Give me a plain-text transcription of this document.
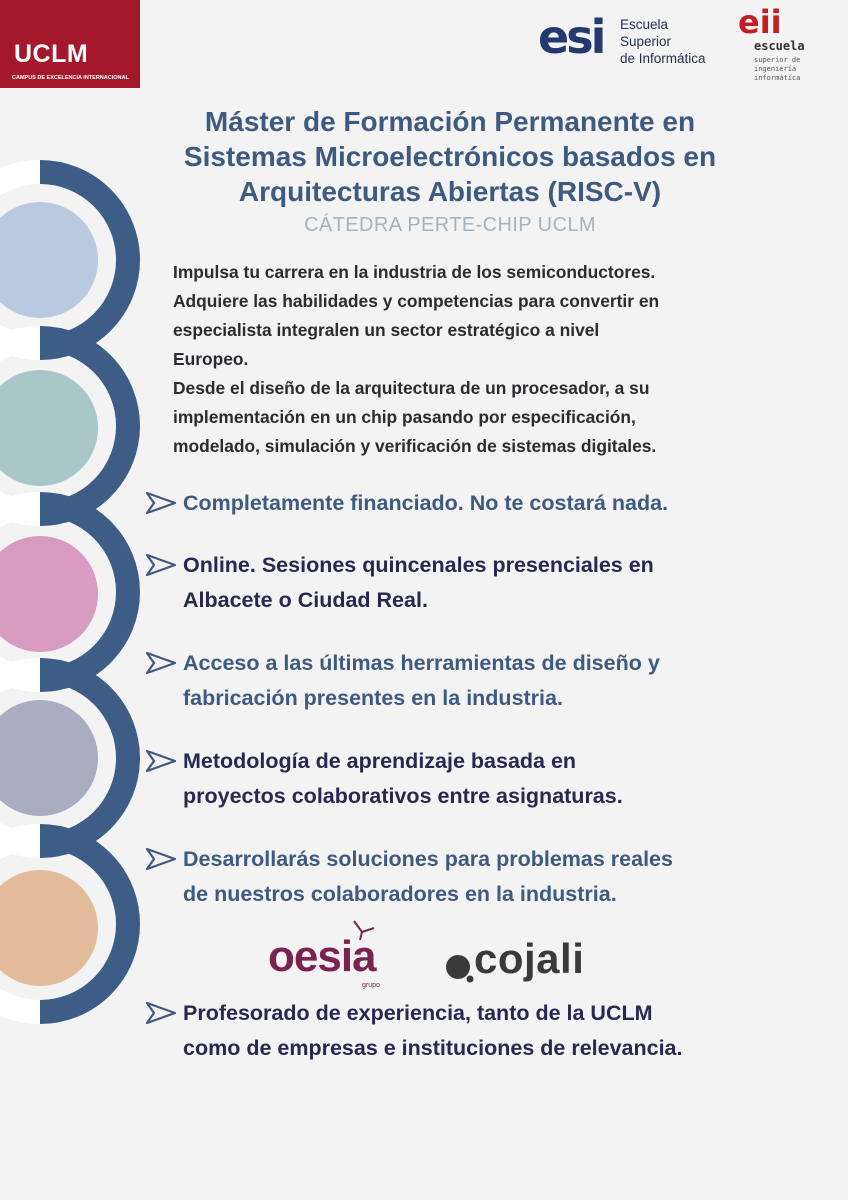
UCLM
CAMPUS DE EXCELENCIA INTERNACIONAL
esi Escuela
Superior
de Informática
eii
escuela
superior de
ingeniería informática
Máster de Formación Permanente en
Sistemas Microelectrónicos basados en
Arquitecturas Abiertas (RISC-V)
CÁTEDRA PERTE-CHIP UCLM
Impulsa tu carrera en la industria de los semiconductores.
Adquiere las habilidades y competencias para convertir en
especialista integralen un sector estratégico a nivel
Europeo.
Desde el diseño de la arquitectura de un procesador, a su
implementación en un chip pasando por especificación,
modelado, simulación y verificación de sistemas digitales.
Completamente financiado. No te costará nada.
Online. Sesiones quincenales presenciales en
Albacete o Ciudad Real.
Acceso a las últimas herramientas de diseño y
fabricación presentes en la industria.
Metodología de aprendizaje basada en
proyectos colaborativos entre asignaturas.
Desarrollarás soluciones para problemas reales
de nuestros colaboradores en la industria.
oesia
grupo
cojali
Profesorado de experiencia, tanto de la UCLM
como de empresas e instituciones de relevancia.
